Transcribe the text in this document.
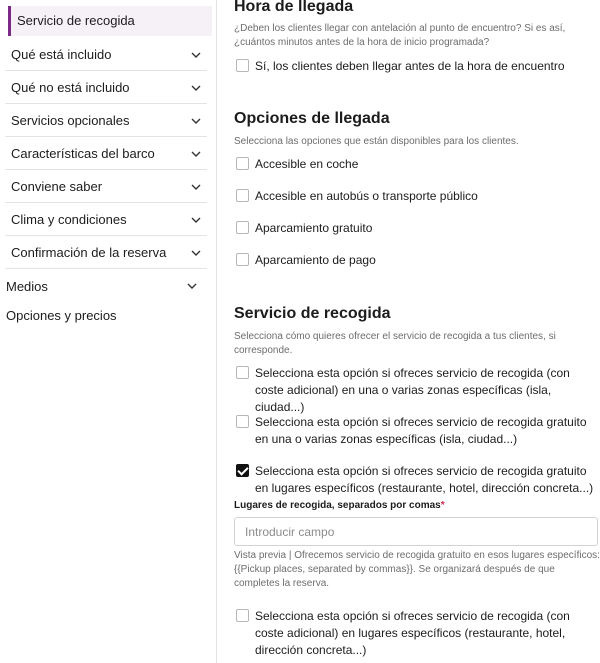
Servicio de recogida
Qué está incluido
Qué no está incluido
Servicios opcionales
Características del barco
Conviene saber
Clima y condiciones
Confirmación de la reserva
Medios
Opciones y precios
Hora de llegada

¿Deben los clientes llegar con antelación al punto de encuentro? Si es así, ¿cuántos minutos antes de la hora de inicio programada?

Sí, los clientes deben llegar antes de la hora de encuentro
Opciones de llegada

Selecciona las opciones que están disponibles para los clientes.

Accesible en coche
Accesible en autobús o transporte público
Aparcamiento gratuito
Aparcamiento de pago
Servicio de recogida

Selecciona cómo quieres ofrecer el servicio de recogida a tus clientes, si corresponde.

Selecciona esta opción si ofreces servicio de recogida (con coste adicional) en una o varias zonas específicas (isla, ciudad...)
Selecciona esta opción si ofreces servicio de recogida gratuito en una o varias zonas específicas (isla, ciudad...)
Selecciona esta opción si ofreces servicio de recogida gratuito en lugares específicos (restaurante, hotel, dirección concreta...)
Lugares de recogida, separados por comas*
Introducir campo

Vista previa | Ofrecemos servicio de recogida gratuito en esos lugares específicos: {{Pickup places, separated by commas}}. Se organizará después de que completes la reserva.

Selecciona esta opción si ofreces servicio de recogida (con coste adicional) en lugares específicos (restaurante, hotel, dirección concreta...)
